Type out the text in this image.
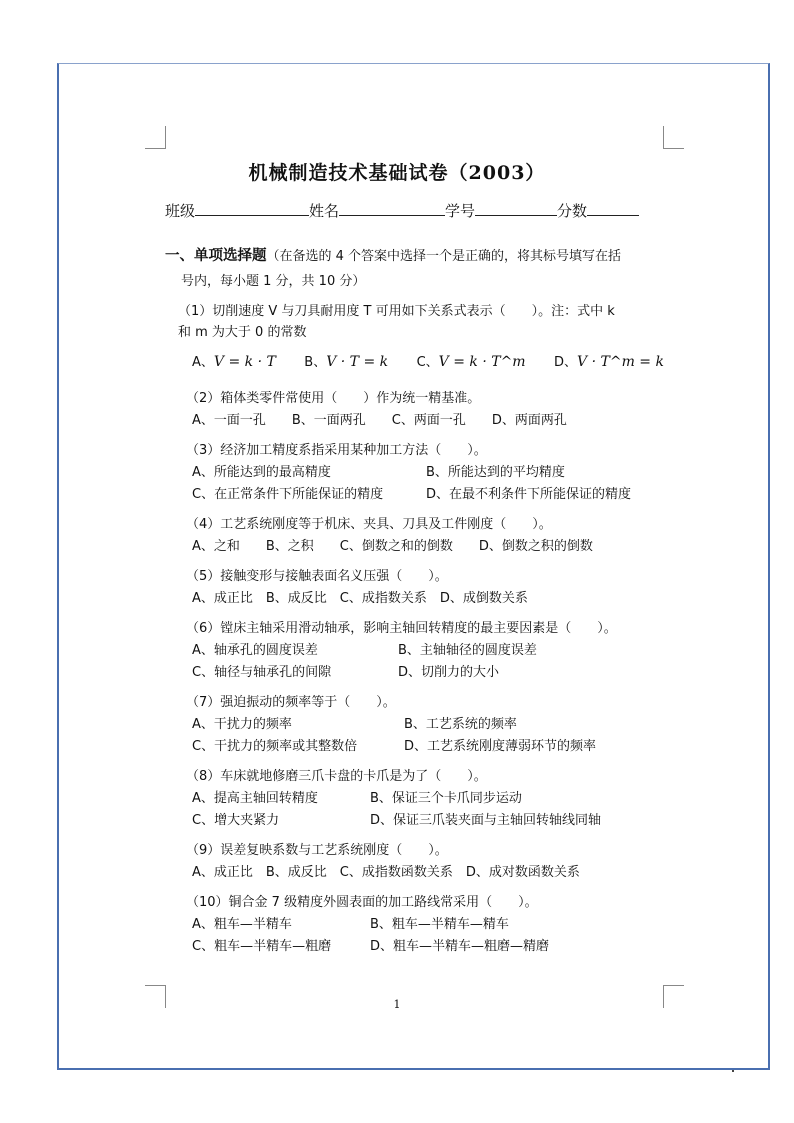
机械制造技术基础试卷（2003）
班级	姓名	学号	分数
一、单项选择题（在备选的 4 个答案中选择一个是正确的，将其标号填写在括
号内，每小题 1 分，共 10 分）
（1）切削速度 V 与刀具耐用度 T 可用如下关系式表示（　　）。注：式中 k
和 m 为大于 0 的常数
A、V = k · T B、V · T = k C、V = k · T^m D、V · T^m = k
（2）箱体类零件常使用（　　）作为统一精基准。
A、一面一孔　　B、一面两孔　　C、两面一孔　　D、两面两孔
（3）经济加工精度系指采用某种加工方法（　　）。
A、所能达到的最高精度	B、所能达到的平均精度
C、在正常条件下所能保证的精度	D、在最不利条件下所能保证的精度
（4）工艺系统刚度等于机床、夹具、刀具及工件刚度（　　）。
A、之和　　B、之积　　C、倒数之和的倒数　　D、倒数之积的倒数
（5）接触变形与接触表面名义压强（　　）。
A、成正比　B、成反比　C、成指数关系　D、成倒数关系
（6）镗床主轴采用滑动轴承，影响主轴回转精度的最主要因素是（　　）。
A、轴承孔的圆度误差	B、主轴轴径的圆度误差
C、轴径与轴承孔的间隙	D、切削力的大小
（7）强迫振动的频率等于（　　）。
A、干扰力的频率	B、工艺系统的频率
C、干扰力的频率或其整数倍	D、工艺系统刚度薄弱环节的频率
（8）车床就地修磨三爪卡盘的卡爪是为了（　　）。
A、提高主轴回转精度	B、保证三个卡爪同步运动
C、增大夹紧力	D、保证三爪装夹面与主轴回转轴线同轴
（9）误差复映系数与工艺系统刚度（　　）。
A、成正比　B、成反比　C、成指数函数关系　D、成对数函数关系
（10）铜合金 7 级精度外圆表面的加工路线常采用（　　）。
A、粗车—半精车	B、粗车—半精车—精车
C、粗车—半精车—粗磨	D、粗车—半精车—粗磨—精磨
1
